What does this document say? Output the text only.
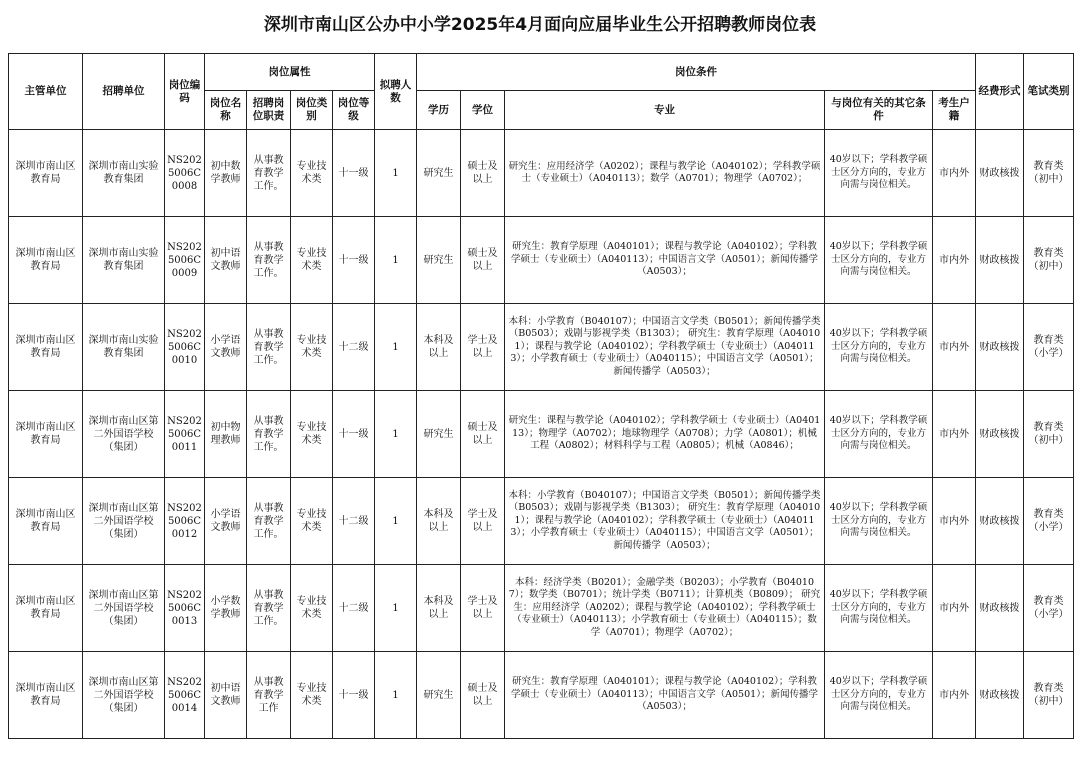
深圳市南山区公办中小学2025年4月面向应届毕业生公开招聘教师岗位表
主管单位	招聘单位	岗位编码	岗位属性				拟聘人数	岗位条件					经费形式	笔试类别
			岗位名称	招聘岗位职责	岗位类别	岗位等级		学历	学位	专业	与岗位有关的其它条件	考生户籍		
深圳市南山区教育局	深圳市南山实验教育集团	NS2025006C0008	初中数学教师	从事教育教学工作。	专业技术类	十一级	1	研究生	硕士及以上	研究生：应用经济学（A0202）；课程与教学论（A040102）；学科教学硕士（专业硕士）（A040113）；数学（A0701）；物理学（A0702）；	40岁以下；学科教学硕士区分方向的，专业方向需与岗位相关。	市内外	财政核拨	教育类（初中）
深圳市南山区教育局	深圳市南山实验教育集团	NS2025006C0009	初中语文教师	从事教育教学工作。	专业技术类	十一级	1	研究生	硕士及以上	研究生：教育学原理（A040101）；课程与教学论（A040102）；学科教学硕士（专业硕士）（A040113）；中国语言文学（A0501）；新闻传播学（A0503）；	40岁以下；学科教学硕士区分方向的，专业方向需与岗位相关。	市内外	财政核拨	教育类（初中）
深圳市南山区教育局	深圳市南山实验教育集团	NS2025006C0010	小学语文教师	从事教育教学工作。	专业技术类	十二级	1	本科及以上	学士及以上	本科：小学教育（B040107）；中国语言文学类（B0501）；新闻传播学类（B0503）；戏剧与影视学类（B1303）； 研究生：教育学原理（A040101）；课程与教学论（A040102）；学科教学硕士（专业硕士）（A040113）；小学教育硕士（专业硕士）（A040115）；中国语言文学（A0501）；新闻传播学（A0503）；	40岁以下；学科教学硕士区分方向的，专业方向需与岗位相关。	市内外	财政核拨	教育类（小学）
深圳市南山区教育局	深圳市南山区第二外国语学校（集团）	NS2025006C0011	初中物理教师	从事教育教学工作。	专业技术类	十一级	1	研究生	硕士及以上	研究生：课程与教学论（A040102）；学科教学硕士（专业硕士）（A040113）；物理学（A0702）；地球物理学（A0708）；力学（A0801）；机械工程（A0802）；材料科学与工程（A0805）；机械（A0846）；	40岁以下；学科教学硕士区分方向的，专业方向需与岗位相关。	市内外	财政核拨	教育类（初中）
深圳市南山区教育局	深圳市南山区第二外国语学校（集团）	NS2025006C0012	小学语文教师	从事教育教学工作。	专业技术类	十二级	1	本科及以上	学士及以上	本科：小学教育（B040107）；中国语言文学类（B0501）；新闻传播学类（B0503）；戏剧与影视学类（B1303）； 研究生：教育学原理（A040101）；课程与教学论（A040102）；学科教学硕士（专业硕士）（A040113）；小学教育硕士（专业硕士）（A040115）；中国语言文学（A0501）；新闻传播学（A0503）；	40岁以下；学科教学硕士区分方向的，专业方向需与岗位相关。	市内外	财政核拨	教育类（小学）
深圳市南山区教育局	深圳市南山区第二外国语学校（集团）	NS2025006C0013	小学数学教师	从事教育教学工作。	专业技术类	十二级	1	本科及以上	学士及以上	本科：经济学类（B0201）；金融学类（B0203）；小学教育（B040107）；数学类（B0701）；统计学类（B0711）；计算机类（B0809）； 研究生：应用经济学（A0202）；课程与教学论（A040102）；学科教学硕士（专业硕士）（A040113）；小学教育硕士（专业硕士）（A040115）；数学（A0701）；物理学（A0702）；	40岁以下；学科教学硕士区分方向的，专业方向需与岗位相关。	市内外	财政核拨	教育类（小学）
深圳市南山区教育局	深圳市南山区第二外国语学校（集团）	NS2025006C0014	初中语文教师	从事教育教学工作	专业技术类	十一级	1	研究生	硕士及以上	研究生：教育学原理（A040101）；课程与教学论（A040102）；学科教学硕士（专业硕士）（A040113）；中国语言文学（A0501）；新闻传播学（A0503）；	40岁以下；学科教学硕士区分方向的，专业方向需与岗位相关。	市内外	财政核拨	教育类（初中）
